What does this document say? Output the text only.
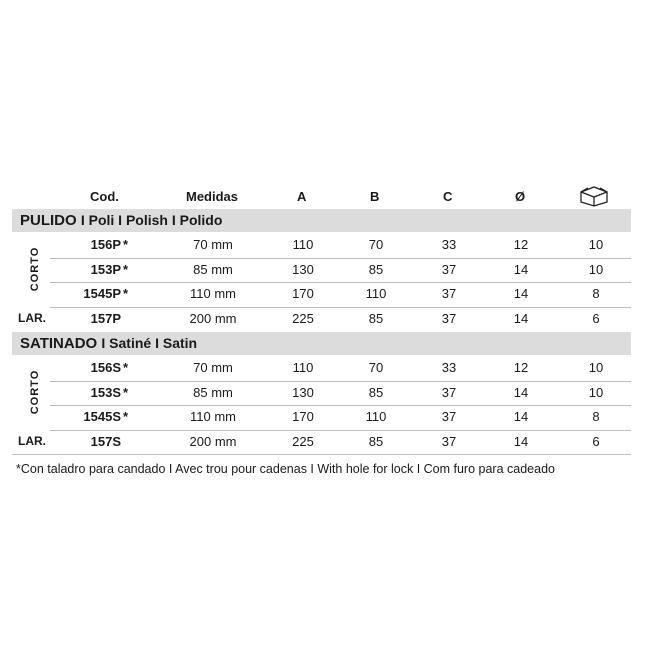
Cod.	Medidas	A	B	C	Ø
PULIDO I Poli I Polish I Polido
CORTO
156P *	70 mm	110	70	33	12	10
153P *	85 mm	130	85	37	14	10
1545P *	110 mm	170	110	37	14	8
LAR.	157P	200 mm	225	85	37	14	6
SATINADO I Satiné I Satin
CORTO
156S *	70 mm	110	70	33	12	10
153S *	85 mm	130	85	37	14	10
1545S *	110 mm	170	110	37	14	8
LAR.	157S	200 mm	225	85	37	14	6
*Con taladro para candado I Avec trou pour cadenas I With hole for lock I Com furo para cadeado
